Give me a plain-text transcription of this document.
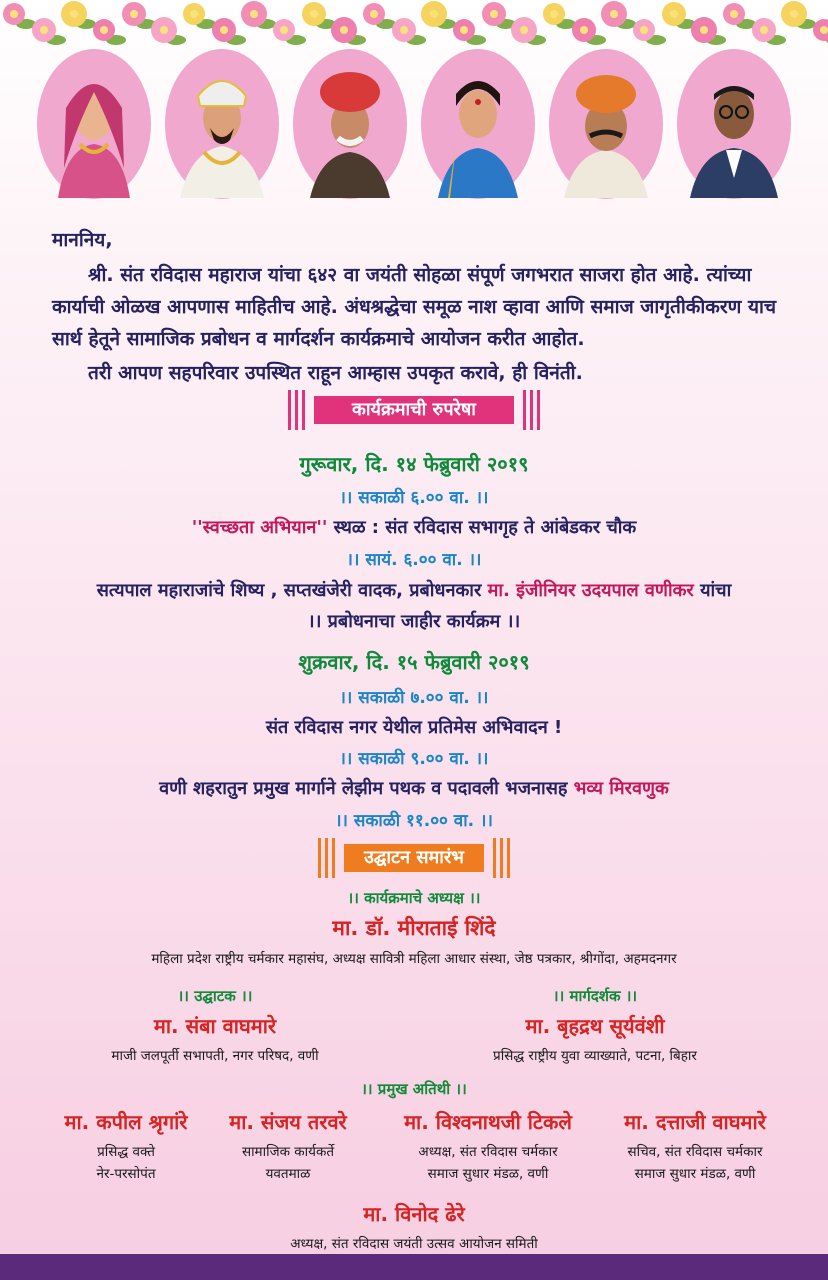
माननिय,
श्री. संत रविदास महाराज यांचा ६४२ वा जयंती सोहळा संपूर्ण जगभरात साजरा होत आहे. त्यांच्या
कार्याची ओळख आपणास माहितीच आहे. अंधश्रद्धेचा समूळ नाश व्हावा आणि समाज जागृतीकीकरण याच
सार्थ हेतूने सामाजिक प्रबोधन व मार्गदर्शन कार्यक्रमाचे आयोजन करीत आहोत.
तरी आपण सहपरिवार उपस्थित राहून आम्हास उपकृत करावे, ही विनंती.
कार्यक्रमाची रुपरेषा
गुरूवार, दि. १४ फेब्रुवारी २०१९
।। सकाळी ६.०० वा. ।।
''स्वच्छता अभियान'' स्थळ : संत रविदास सभागृह ते आंबेडकर चौक
।। सायं. ६.०० वा. ।।
सत्यपाल महाराजांचे शिष्य , सप्तखंजेरी वादक, प्रबोधनकार मा. इंजीनियर उदयपाल वणीकर यांचा
।। प्रबोधनाचा जाहीर कार्यक्रम ।।
शुक्रवार, दि. १५ फेब्रुवारी २०१९
।। सकाळी ७.०० वा. ।।
संत रविदास नगर येथील प्रतिमेस अभिवादन !
।। सकाळी ९.०० वा. ।।
वणी शहरातुन प्रमुख मार्गाने लेझीम पथक व पदावली भजनासह भव्य मिरवणुक
।। सकाळी ११.०० वा. ।।
उद्घाटन समारंभ
।। कार्यक्रमाचे अध्यक्ष ।।
मा. डॉ. मीराताई शिंदे
महिला प्रदेश राष्ट्रीय चर्मकार महासंघ, अध्यक्ष सावित्री महिला आधार संस्था, जेष्ठ पत्रकार, श्रीगोंदा, अहमदनगर
।। उद्घाटक ।।
मा. संबा वाघमारे
माजी जलपूर्ती सभापती, नगर परिषद, वणी
।। मार्गदर्शक ।।
मा. बृहद्रथ सूर्यवंशी
प्रसिद्ध राष्ट्रीय युवा व्याख्याते, पटना, बिहार
।। प्रमुख अतिथी ।।
मा. कपील श्रृगांरे
प्रसिद्ध वक्ते
नेर-परसोपंत
मा. संजय तरवरे
सामाजिक कार्यकर्ते
यवतमाळ
मा. विश्वनाथजी टिकले
अध्यक्ष, संत रविदास चर्मकार
समाज सुधार मंडळ, वणी
मा. दत्ताजी वाघमारे
सचिव, संत रविदास चर्मकार
समाज सुधार मंडळ, वणी
मा. विनोद ढेरे
अध्यक्ष, संत रविदास जयंती उत्सव आयोजन समिती
